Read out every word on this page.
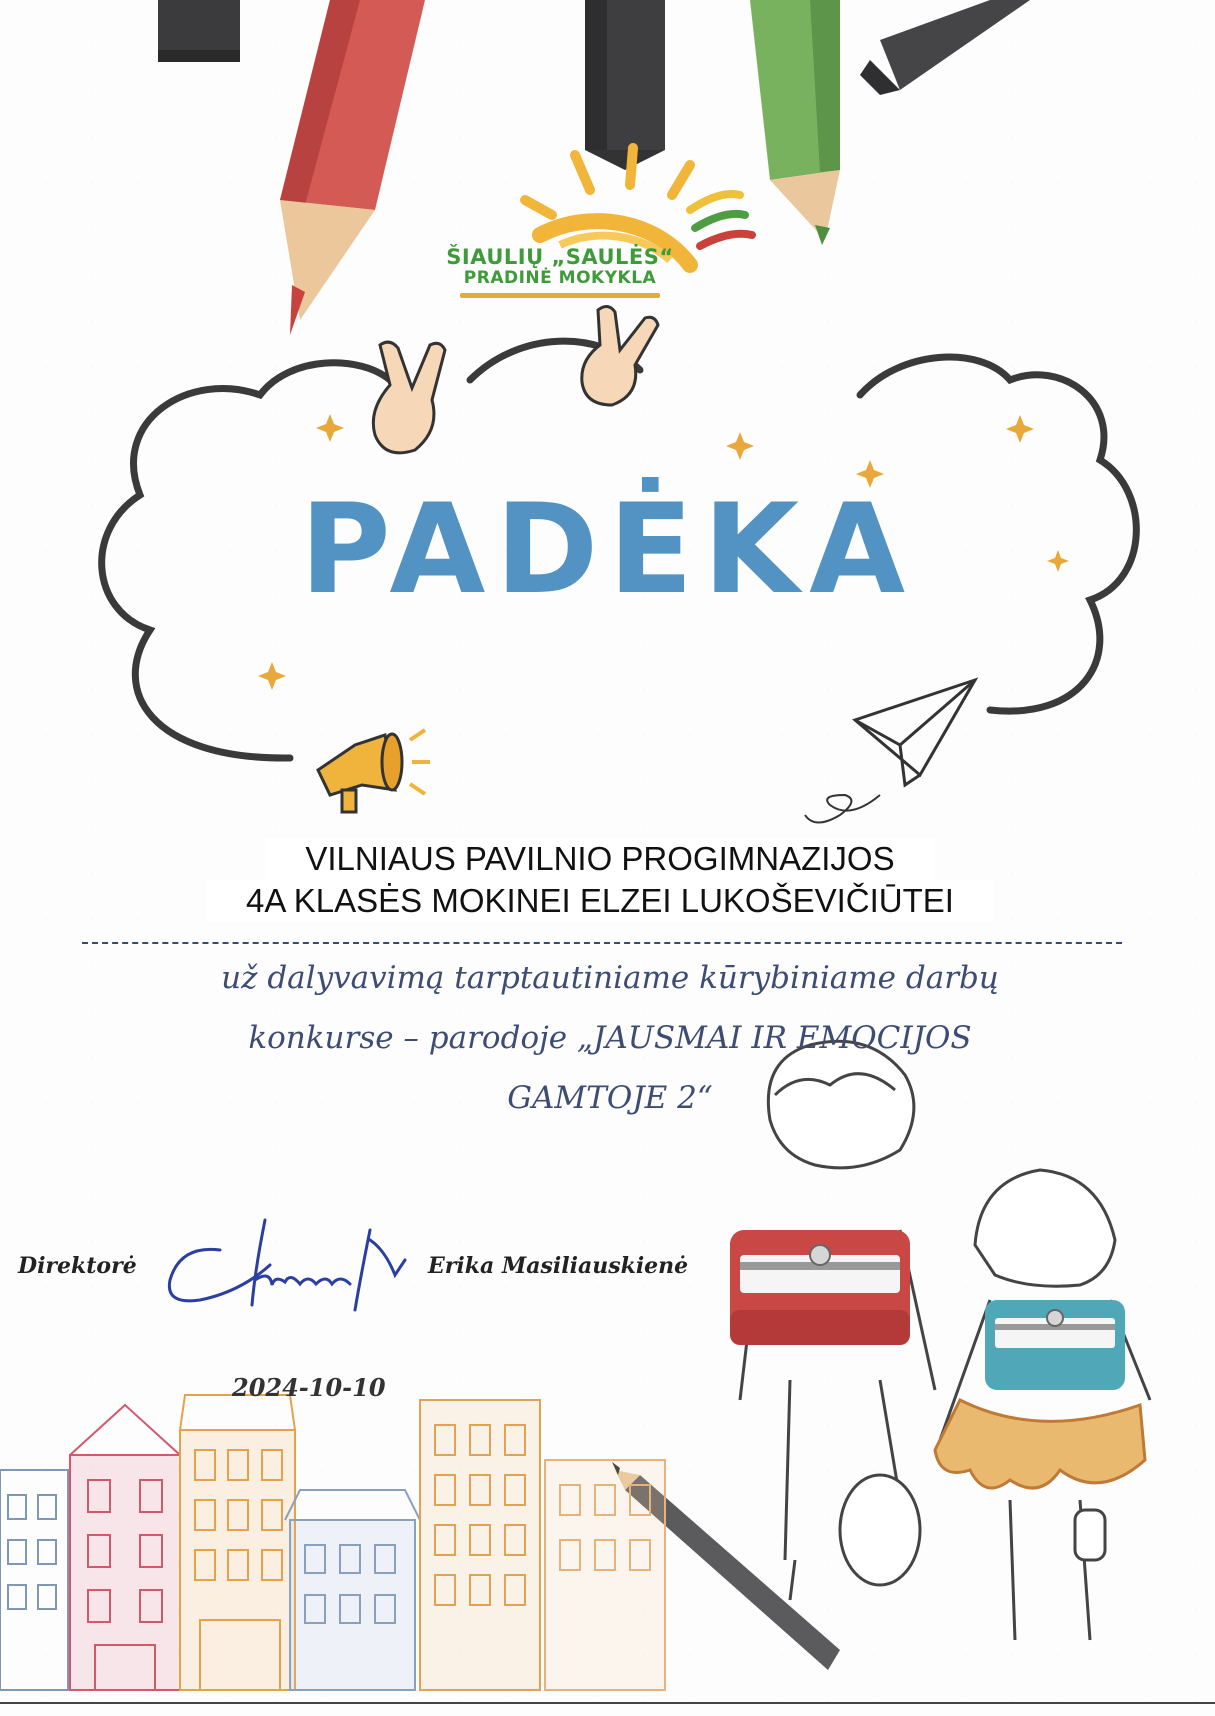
ŠIAULIŲ „SAULĖS“
PRADINĖ MOKYKLA
PADĖKA
VILNIAUS PAVILNIO PROGIMNAZIJOS
4A KLASĖS MOKINEI ELZEI LUKOŠEVIČIŪTEI
už dalyvavimą tarptautiniame kūrybiniame darbų
konkurse – parodoje „JAUSMAI IR EMOCIJOS
GAMTOJE 2“
Direktorė	Erika Masiliauskienė
2024-10-10
